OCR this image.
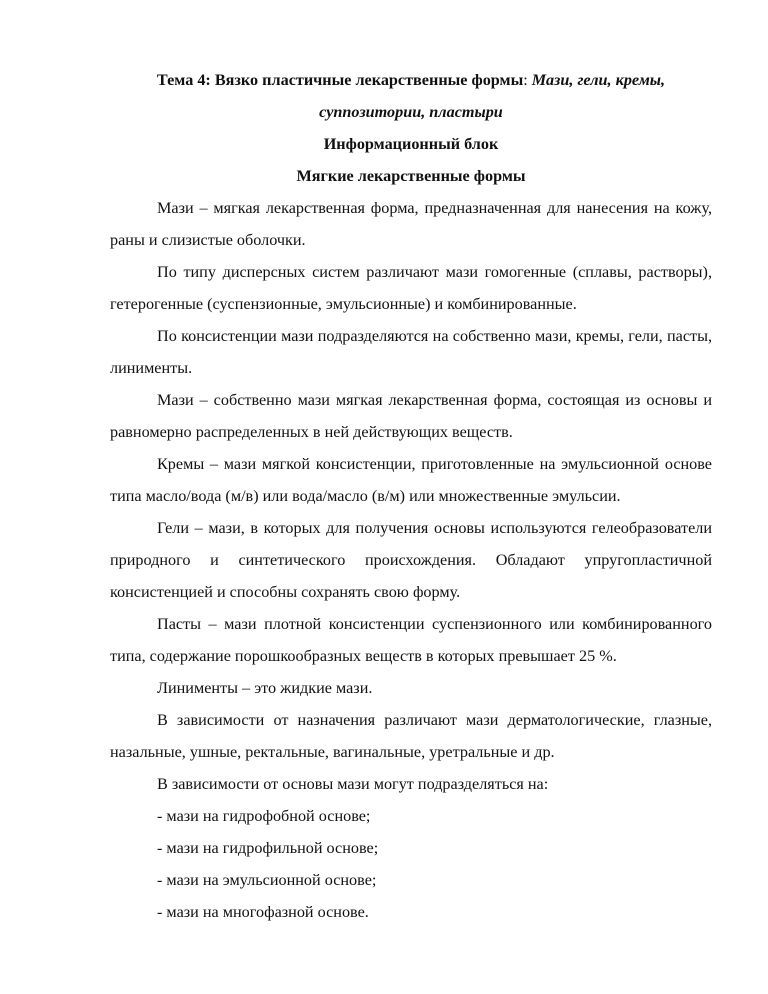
Тема 4: Вязко пластичные лекарственные формы: Мази, гели, кремы,
суппозитории, пластыри
Информационный блок
Мягкие лекарственные формы

Мази – мягкая лекарственная форма, предназначенная для нанесения на кожу, раны и слизистые оболочки.

По типу дисперсных систем различают мази гомогенные (сплавы, растворы), гетерогенные (суспензионные, эмульсионные) и комбинированные.

По консистенции мази подразделяются на собственно мази, кремы, гели, пасты, линименты.

Мази – собственно мази мягкая лекарственная форма, состоящая из основы и равномерно распределенных в ней действующих веществ.

Кремы – мази мягкой консистенции, приготовленные на эмульсионной основе типа масло/вода (м/в) или вода/масло (в/м) или множественные эмульсии.

Гели – мази, в которых для получения основы используются гелеобразователи природного и синтетического происхождения. Обладают упругопластичной консистенцией и способны сохранять свою форму.

Пасты – мази плотной консистенции суспензионного или комбинированного типа, содержание порошкообразных веществ в которых превышает 25 %.

Линименты – это жидкие мази.

В зависимости от назначения различают мази дерматологические, глазные, назальные, ушные, ректальные, вагинальные, уретральные и др.

В зависимости от основы мази могут подразделяться на:

- мази на гидрофобной основе;
- мази на гидрофильной основе;
- мази на эмульсионной основе;
- мази на многофазной основе.
